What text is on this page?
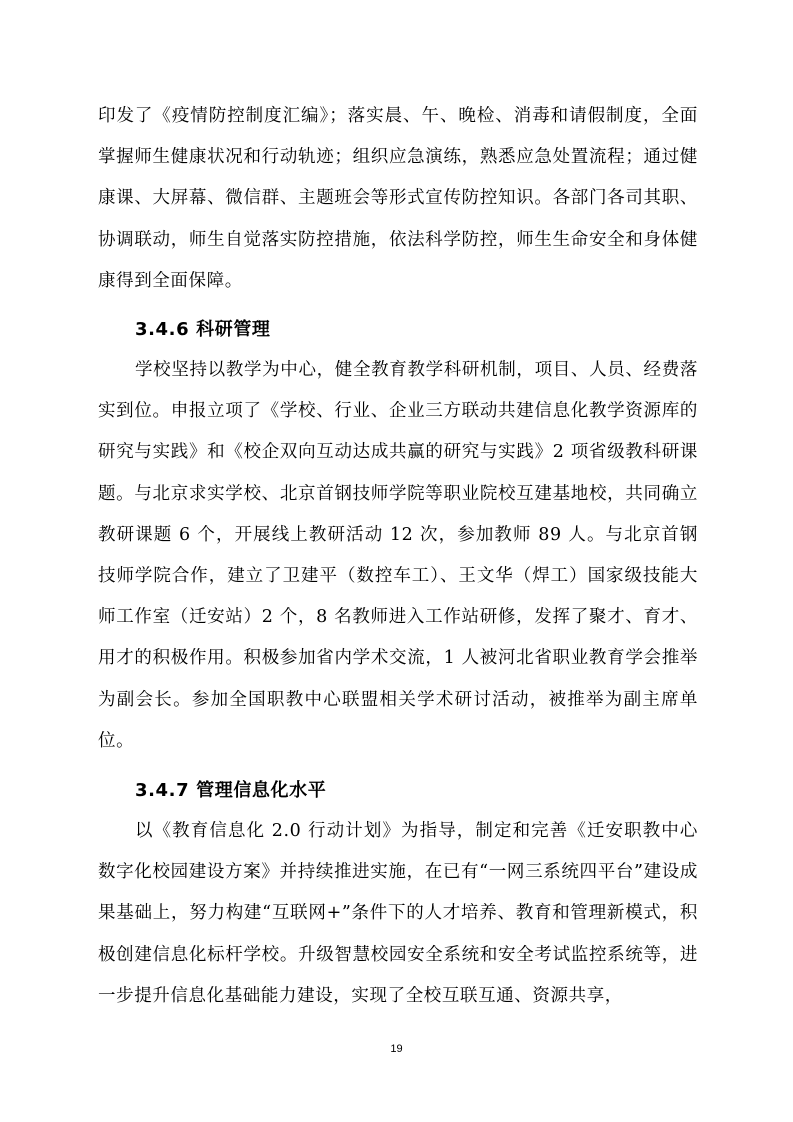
印发了《疫情防控制度汇编》；落实晨、午、晚检、消毒和请假制度，全面掌握师生健康状况和行动轨迹；组织应急演练，熟悉应急处置流程；通过健康课、大屏幕、微信群、主题班会等形式宣传防控知识。各部门各司其职、协调联动，师生自觉落实防控措施，依法科学防控，师生生命安全和身体健康得到全面保障。

3.4.6 科研管理

学校坚持以教学为中心，健全教育教学科研机制，项目、人员、经费落实到位。申报立项了《学校、行业、企业三方联动共建信息化教学资源库的研究与实践》和《校企双向互动达成共赢的研究与实践》2 项省级教科研课题。与北京求实学校、北京首钢技师学院等职业院校互建基地校，共同确立教研课题 6 个，开展线上教研活动 12 次，参加教师 89 人。与北京首钢技师学院合作，建立了卫建平（数控车工）、王文华（焊工）国家级技能大师工作室（迁安站）2 个，8 名教师进入工作站研修，发挥了聚才、育才、用才的积极作用。积极参加省内学术交流，1 人被河北省职业教育学会推举为副会长。参加全国职教中心联盟相关学术研讨活动，被推举为副主席单位。

3.4.7 管理信息化水平

以《教育信息化 2.0 行动计划》为指导，制定和完善《迁安职教中心数字化校园建设方案》并持续推进实施，在已有“一网三系统四平台”建设成果基础上，努力构建“互联网+”条件下的人才培养、教育和管理新模式，积极创建信息化标杆学校。升级智慧校园安全系统和安全考试监控系统等，进一步提升信息化基础能力建设，实现了全校互联互通、资源共享，

19
